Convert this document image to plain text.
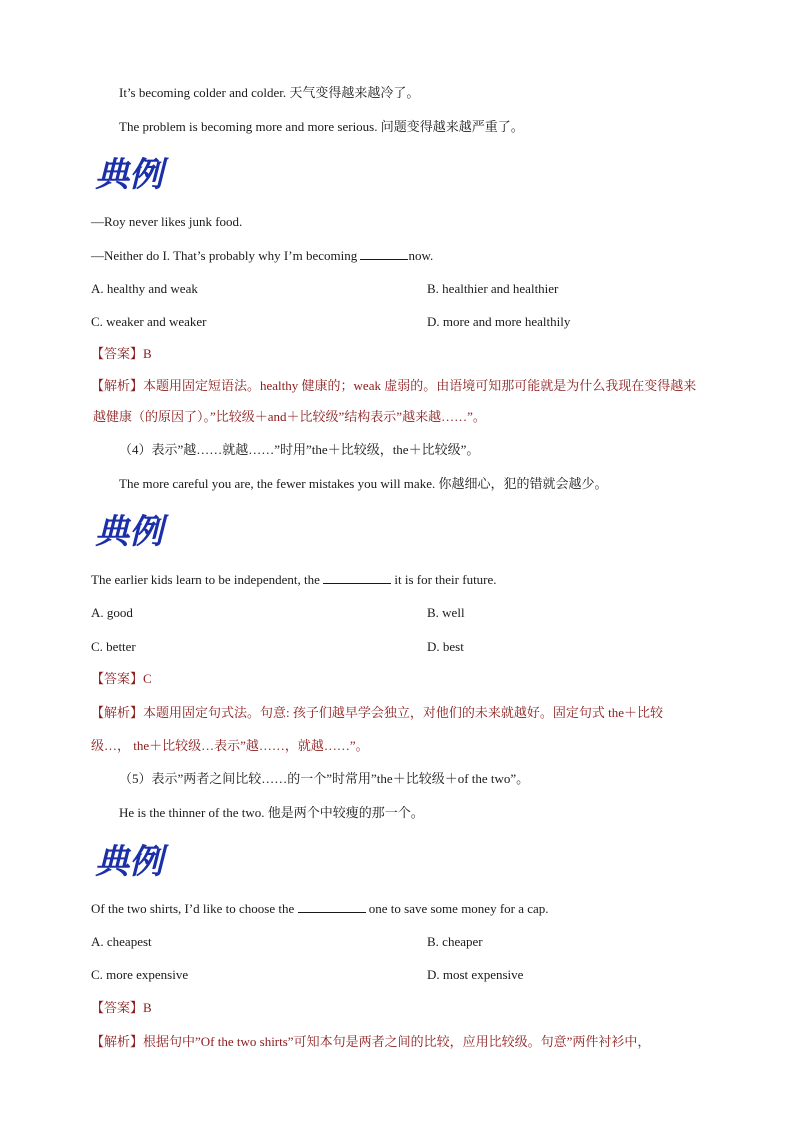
It’s becoming colder and colder. 天气变得越来越冷了。
The problem is becoming more and more serious. 问题变得越来越严重了。
典例
—Roy never likes junk food.
—Neither do I. That’s probably why I’m becoming	now.
A. healthy and weak	B. healthier and healthier
C. weaker and weaker	D. more and more healthily
【答案】B
【解析】本题用固定短语法。healthy 健康的；weak 虚弱的。由语境可知那可能就是为什么我现在变得越来
越健康（的原因了）。”比较级＋and＋比较级”结构表示”越来越……”。
（4）表示”越……就越……”时用”the＋比较级，the＋比较级”。
The more careful you are, the fewer mistakes you will make. 你越细心，犯的错就会越少。
典例
The earlier kids learn to be independent, the	it is for their future.
A. good	B. well
C. better	D. best
【答案】C
【解析】本题用固定句式法。句意: 孩子们越早学会独立，对他们的未来就越好。固定句式 the＋比较
级…， the＋比较级…表示”越……，就越……”。
（5）表示”两者之间比较……的一个”时常用”the＋比较级＋of the two”。
He is the thinner of the two. 他是两个中较瘦的那一个。
典例
Of the two shirts, I’d like to choose the	one to save some money for a cap.
A. cheapest	B. cheaper
C. more expensive	D. most expensive
【答案】B
【解析】根据句中”Of the two shirts”可知本句是两者之间的比较，应用比较级。句意”两件衬衫中，
